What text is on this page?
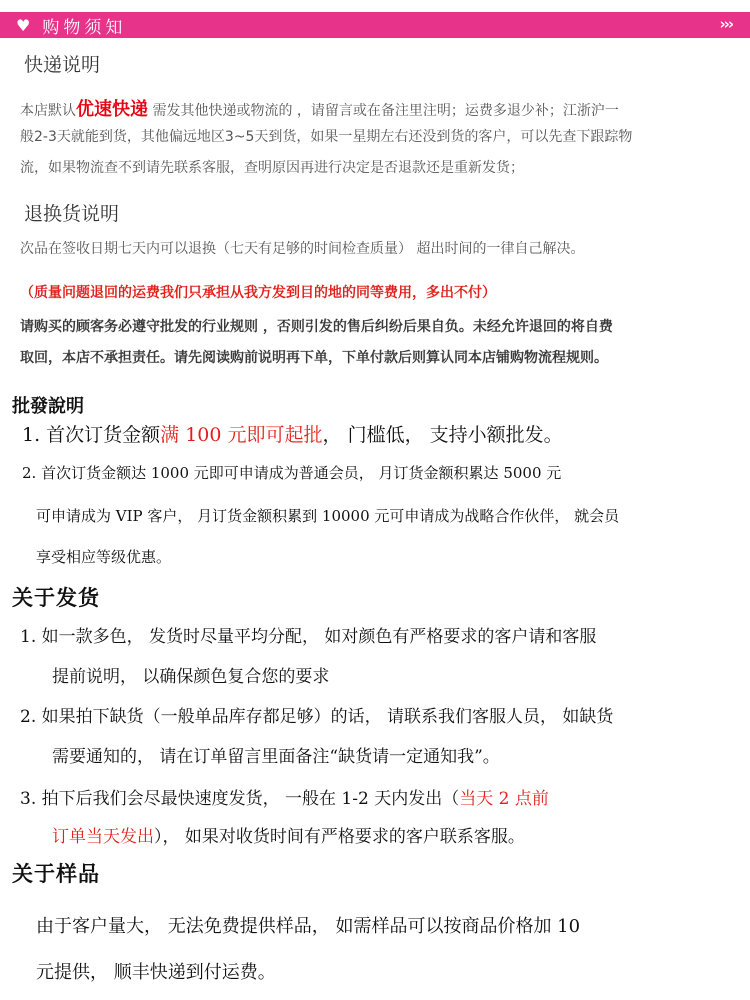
♥ 购物须知	›››
快递说明
本店默认优速快递 需发其他快递或物流的 ，请留言或在备注里注明；运费多退少补；江浙沪一
般2-3天就能到货，其他偏远地区3~5天到货，如果一星期左右还没到货的客户，可以先查下跟踪物
流，如果物流查不到请先联系客服，查明原因再进行决定是否退款还是重新发货；
退换货说明
次品在签收日期七天内可以退换（七天有足够的时间检查质量） 超出时间的一律自己解决。
（质量问题退回的运费我们只承担从我方发到目的地的同等费用，多出不付）
请购买的顾客务必遵守批发的行业规则 ，否则引发的售后纠纷后果自负。未经允许退回的将自费
取回，本店不承担责任。请先阅读购前说明再下单，下单付款后则算认同本店铺购物流程规则。
批發說明
1. 首次订货金额满 100 元即可起批， 门槛低， 支持小额批发。
2. 首次订货金额达 1000 元即可申请成为普通会员， 月订货金额积累达 5000 元
可申请成为 VIP 客户， 月订货金额积累到 10000 元可申请成为战略合作伙伴， 就会员
享受相应等级优惠。
关于发货
1. 如一款多色， 发货时尽量平均分配， 如对颜色有严格要求的客户请和客服
提前说明， 以确保颜色复合您的要求
2. 如果拍下缺货（一般单品库存都足够）的话， 请联系我们客服人员， 如缺货
需要通知的， 请在订单留言里面备注“缺货请一定通知我”。
3. 拍下后我们会尽最快速度发货， 一般在 1-2 天内发出（当天 2 点前
订单当天发出）， 如果对收货时间有严格要求的客户联系客服。
关于样品
由于客户量大， 无法免费提供样品， 如需样品可以按商品价格加 10
元提供， 顺丰快递到付运费。
